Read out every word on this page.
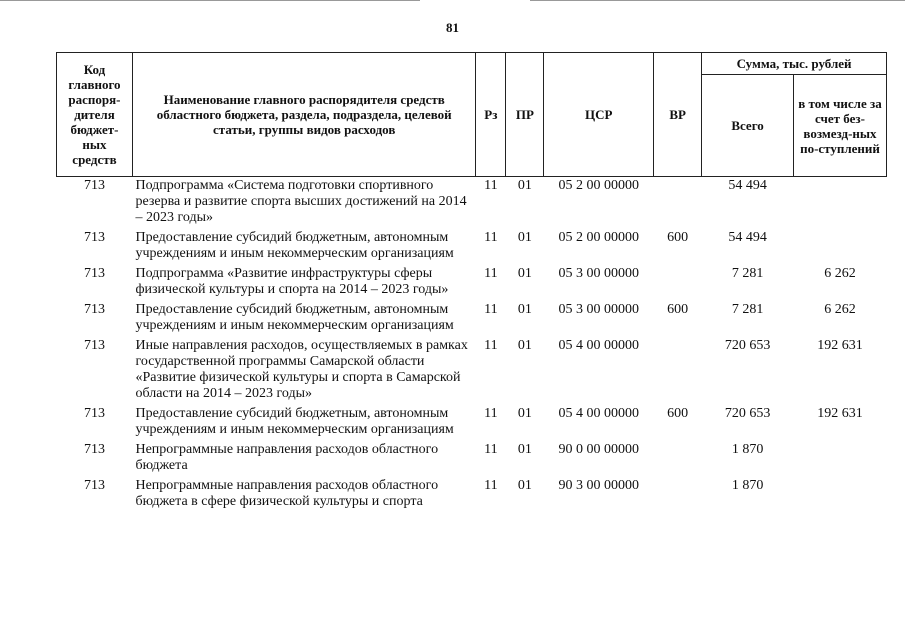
81
Код главного распоря-дителя бюджет-ных средств	Наименование главного распорядителя средств областного бюджета, раздела, подраздела, целевой статьи, группы видов расходов	Рз	ПР	ЦСР	ВР	Сумма, тыс. рублей	
						Всего	в том числе за счет без-возмезд-ных по-ступлений
713	Подпрограмма «Система подготовки спортивного резерва и развитие спорта высших достижений на 2014 – 2023 годы»	11	01	05 2 00 00000		54 494	
713	Предоставление субсидий бюджетным, автономным учреждениям и иным некоммерческим организациям	11	01	05 2 00 00000	600	54 494	
713	Подпрограмма «Развитие инфраструктуры сферы физической культуры и спорта на 2014 – 2023 годы»	11	01	05 3 00 00000		7 281	6 262
713	Предоставление субсидий бюджетным, автономным учреждениям и иным некоммерческим организациям	11	01	05 3 00 00000	600	7 281	6 262
713	Иные направления расходов, осуществляемых в рамках государственной программы Самарской области «Развитие физической культуры и спорта в Самарской области на 2014 – 2023 годы»	11	01	05 4 00 00000		720 653	192 631
713	Предоставление субсидий бюджетным, автономным учреждениям и иным некоммерческим организациям	11	01	05 4 00 00000	600	720 653	192 631
713	Непрограммные направления расходов областного бюджета	11	01	90 0 00 00000		1 870	
713	Непрограммные направления расходов областного бюджета в сфере физической культуры и спорта	11	01	90 3 00 00000		1 870	
